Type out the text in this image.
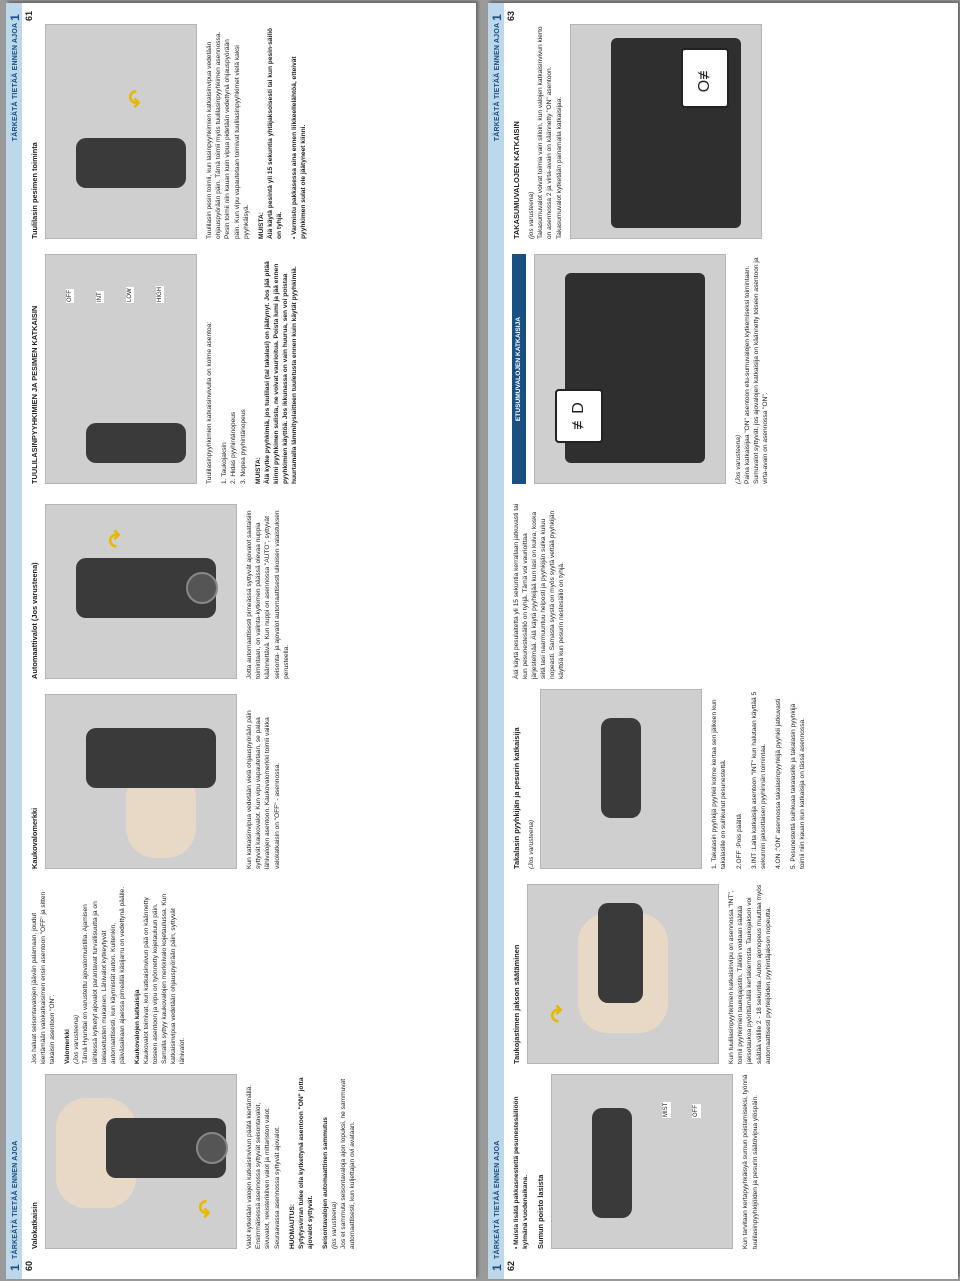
1 TÄRKEÄTÄ TIETÄÄ ENNEN AJOA
TÄRKEÄTÄ TIETÄÄ ENNEN AJOA 1
60
61
Valokatkaisin	↶	Valot kytketään valojen katkaisinvivun päätä kiertämällä. Ensimmäisessä asennossa syttyvät seisontavalot, sivuvalot, rekisterikilven valot ja mittariston valot. Seuraavassa asennossa syttyvät ajovalot. HUOMAUTUS: Sytytysvirran tulee olla kytkettynä asentoon "ON" jotta ajovalot syttyvät. Seisontavalojen automaattinen sammutus (jos varusteena) Jos et sammuta seisontavaloja ajon lopuksi, ne sammuvat automaattisesti, kun kuljettajan ovi avataan.

Jos haluat seisontavalojen jäävän palamaan, joudut kiertämään valokatkaisimen ensin asentoon "OFF" ja sitten takaisin asentoon "ON". Valomerkki (Jos varusteena) Tämä Hyundai on varustettu ajovalomuistilla. Ajamisen lähtiessä kytketyt ajovalot parantavat turvallisuutta ja on lakiasetusten mukainen. Lähivalot kytkeytyvät automaattisesti, kun käynnistät auton. Kuitenkin, päiväsaikaan ajaessa pimeällä käsijarru on vedettynä päälle. Kaukovalojen katkaisija Kaukovalot toimivat, kun katkaisinvivun pää on käännetty toiseen asentoon ja vipu on työnnetty kojetauluun päin. Samalla syttyy kaukovalojen merkkivalo kojetaulussa. Kun katkaisinvipua vedetään ohjauspyörään päin, syttyvät lähivalot.

Kaukovalomerkki	Kun katkaisinvipua vedetään vielä ohjauspyörään päin syttyvät kaukovalot. Kun vipu vapautetaan, se palaa lähivalojen asentoon. Kaukovalomerkki toimii vaikka valokatkaisin on "OFF" - asennossa.

Automaattivalot (Jos varusteena)
↷	Jotta automaattisesti pimeässä syttyvät ajovalot saataisiin toimintaan, on valinta-kytkimen päässä olevaa nuppia käännettävä. Kun nuppi on asennossa "AUTO", syttyvät seisonta- ja ajovalot automaattisesti ulkoisen valaistuksen perusteella.

TUULILASINPYYHKIMIEN JA PESIMEN KATKAISIN
OFF	INT	LOW	HIGH

Tuulilasinpyyhkimien katkaisinvivulla on kolme asentoa: 1. Taukojaksin 2. Hidas pyyhintänopeus 3. Nopea pyyhintänopeus MUISTA: Älä kytke pyyhkimiä, jos tuulilasi (tai takalasi) on jäätynyt. Jos jää pitää kiinni pyyhkimen sulista, ne voivat vaurioitua. Poista lumi ja jää ennen pyyhkimien käyttöä. Jos ikkunassa on vain huurua, sen voi poistaa huurtamalla lämmityslaitteen tuuletusta ennen kuin käytät pyyhkimiä.

Tuulilasin pesimen toiminta
↶	Tuulilasin pesin toimii, kun lasinpyyhkimien katkaisinvipua vedetään ohjauspyörään päin. Tämä toimii myös tuulilasinpyyhkimen asennossa. Pesin toimii niin kauan kuin vipua pidetään vedettynä ohjauspyörään päin. Kun vipu vapautetaan toimivat tuulilasinpyyhkimet vielä kaksi pyyhkäisyä. MUISTA: Älä käytä pesintä yli 15 sekuntia yhtäjaksoisesti tai kun pesin-säiliö on tyhjä. • Varmistu pakkasessa aina ennen liikkeellelähtöä, etteivät pyyhkimen sulat ole jäätyneet kiinni.

1 TÄRKEÄTÄ TIETÄÄ ENNEN AJOA
TÄRKEÄTÄ TIETÄÄ ENNEN AJOA 1
62
63

• Muista lisätä pakkasnestettä pesunestesäiliöön kylmänä vuodenaikana. Sumun poisto lasista
MIST	OFF	Kun tarvitaan kertapyyhkäisyä sumun poistamiseksi, työnnä tuulilasinpyyhkijöiden ja pesurin säätövipua ylöspäin.

Taukojastimen jakson säätäminen ↷	Kun tuulilasinpyyhkimien katkaisinvipu on asennossa "INT", toimii pyyhkimien taukojajastin. Tällöin voidaan säätää jaksotaukoa pyörittämällä kertakierrosta. Taukojakson voi säätää välille 2 - 18 sekuntia. Auton ajonopeus muuttaa myös automaattisesti pyyhkijöiden pyyhintäjakson nopeutta.

Takalasin pyyhkijän ja pesurin katkaisija (Jos varusteena)	1. Takalasin pyyhkijä pyyhkii kolme kertaa sen jälkeen kun takalasille on suihkunut pesunestettä. 2.OFF :Pois päältä 3.INT :Laita katkaisija asentoon "INT" kun halutaan käyttää 5 sekunnin jaksottaisen pyyhinnän toimintaa. 4.ON :"ON" asennossa takalasinpyyhkijä pyyhkii jatkuvasti 5. Pesunestettä suihkuaa takalasille ja takalasin pyyhkijä toimii niin kauan kun katkaisija on tässä asennossa.

Älä käytä pesulaitetta yli 15 sekuntia kerrallaan jatkuvasti tai kun pesunestesäiliö on tyhjä. Tämä voi vaurioittaa järjestelmää. Älä käytä pyyhkijää kun lasi on kuiva, koska siitä tasi naarmuuntuu helposti ja pyyhkijän sulka kuluu nopeasti. Samasta syystä on myös syytä vettää pyyhkijän käyttöä kun pesurin nestesäiliö on tyhjä.

ETUSUMUVALOJEN KATKAISIJA	≢D
(Jos varusteena) Paina katkaisijaa "ON" asentoon etu-sumuvalojen kytkemiseksi toimintaan. Sumuvalot syttyvät, jos ajovalojen katkaisija on käännetty toiseen asentoon ja virta-avain on asennossa "ON".

TAKASUMUVALOJEN KATKAISIN (jos varusteena) Takasumuvalot voivat toimia vain silloin, kun valojen katkaisinvivun kierto on asennossa 2 ja virta-avain on käännetty "ON" asentoon. Takasumuvalot kytketään painamalla katkaisijaa.

O≢
